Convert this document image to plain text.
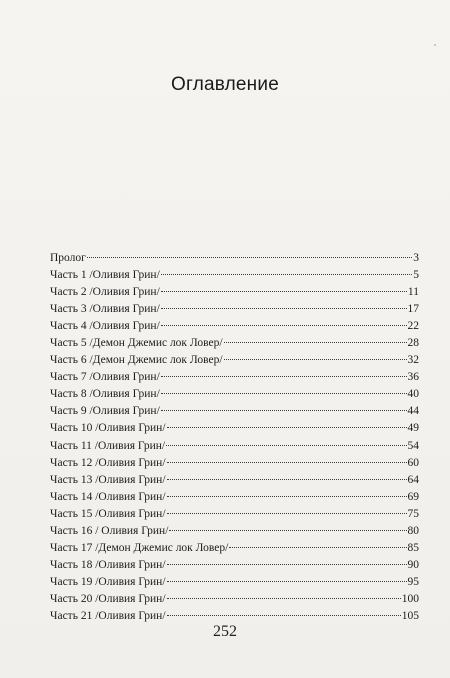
Оглавление
Пролог	3
Часть 1 /Оливия Грин/	5
Часть 2 /Оливия Грин/	11
Часть 3 /Оливия Грин/	17
Часть 4 /Оливия Грин/	22
Часть 5 /Демон Джемис лок Ловер/	28
Часть 6 /Демон Джемис лок Ловер/	32
Часть 7 /Оливия Грин/	36
Часть 8 /Оливия Грин/	40
Часть 9 /Оливия Грин/	44
Часть 10 /Оливия Грин/	49
Часть 11 /Оливия Грин/	54
Часть 12 /Оливия Грин/	60
Часть 13 /Оливия Грин/	64
Часть 14 /Оливия Грин/	69
Часть 15 /Оливия Грин/	75
Часть 16 / Оливия Грин/	80
Часть 17 /Демон Джемис лок Ловер/	85
Часть 18 /Оливия Грин/	90
Часть 19 /Оливия Грин/	95
Часть 20 /Оливия Грин/	100
Часть 21 /Оливия Грин/	105
252
